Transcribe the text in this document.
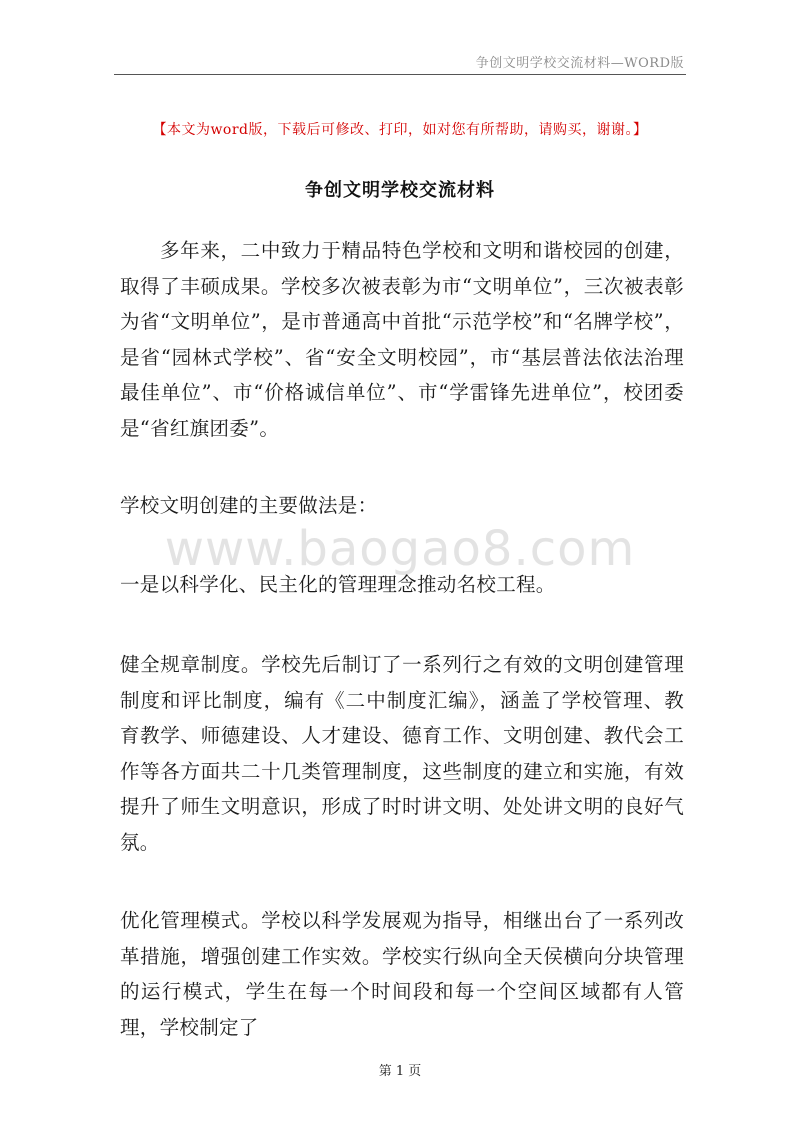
争创文明学校交流材料—WORD版
【本文为word版，下载后可修改、打印，如对您有所帮助，请购买，谢谢。】
争创文明学校交流材料
www.baogao8.com

多年来，二中致力于精品特色学校和文明和谐校园的创建，取得了丰硕成果。学校多次被表彰为市“文明单位”，三次被表彰为省“文明单位”，是市普通高中首批“示范学校”和“名牌学校”，是省“园林式学校”、省“安全文明校园”，市“基层普法依法治理最佳单位”、市“价格诚信单位”、市“学雷锋先进单位”，校团委是“省红旗团委”。

学校文明创建的主要做法是：

一是以科学化、民主化的管理理念推动名校工程。

健全规章制度。学校先后制订了一系列行之有效的文明创建管理制度和评比制度，编有《二中制度汇编》，涵盖了学校管理、教育教学、师德建设、人才建设、德育工作、文明创建、教代会工作等各方面共二十几类管理制度，这些制度的建立和实施，有效提升了师生文明意识，形成了时时讲文明、处处讲文明的良好气氛。

优化管理模式。学校以科学发展观为指导，相继出台了一系列改革措施，增强创建工作实效。学校实行纵向全天侯横向分块管理的运行模式，学生在每一个时间段和每一个空间区域都有人管理，学校制定了

第 1 页
